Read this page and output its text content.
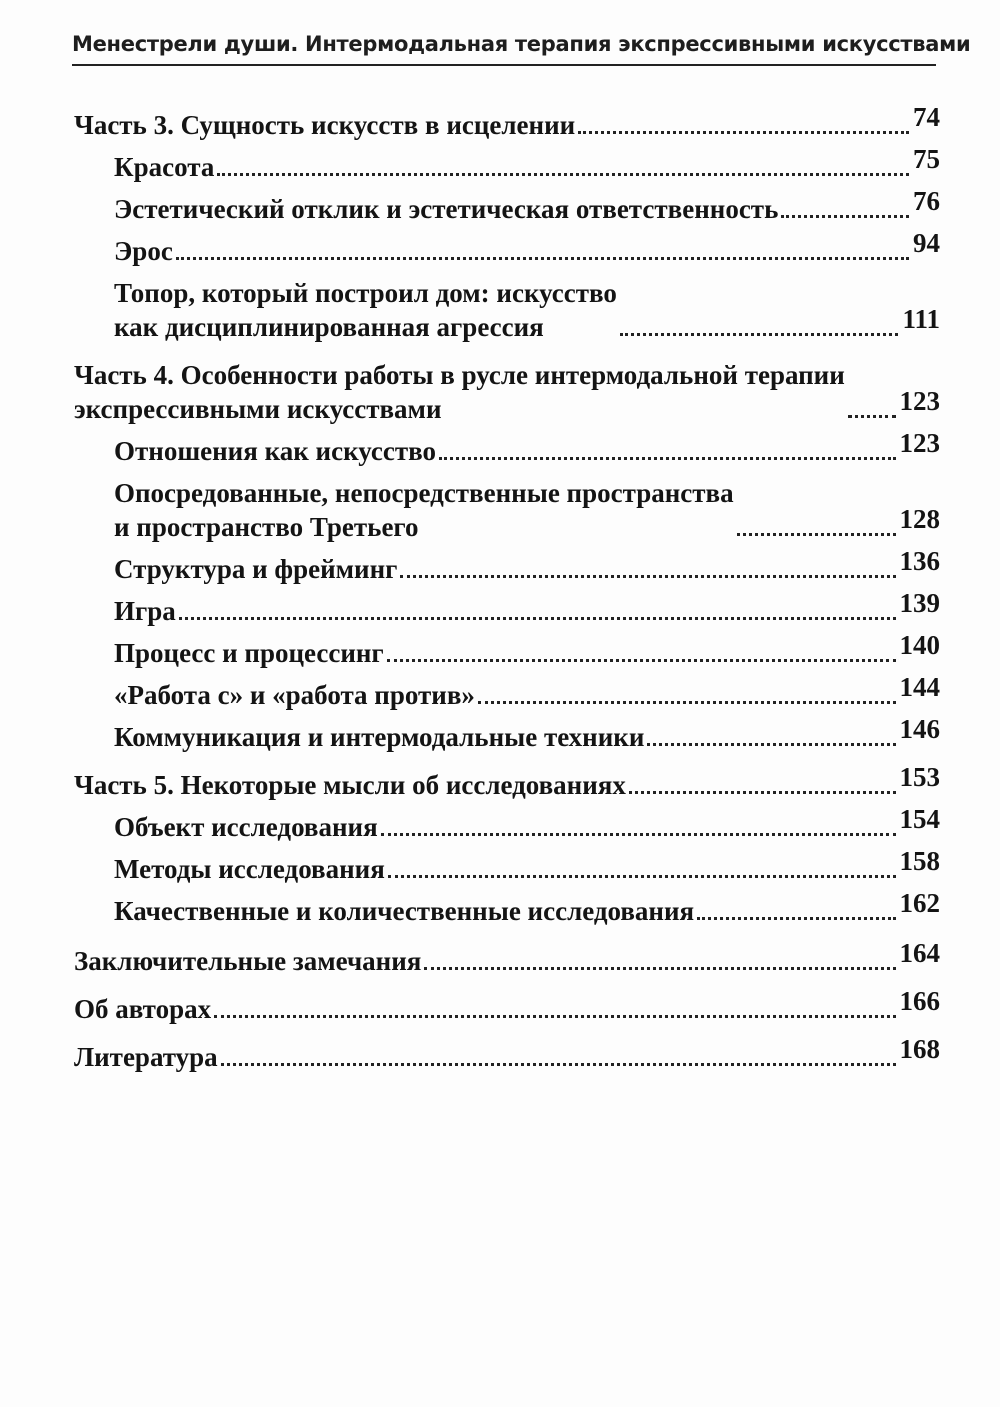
Менестрели души. Интермодальная терапия экспрессивными искусствами
Часть 3. Сущность искусств в исцелении	74
Красота	75
Эстетический отклик и эстетическая ответственность	76
Эрос	94
Топор, который построил дом: искусство
как дисциплинированная агрессия	111
Часть 4. Особенности работы в русле интермодальной терапии
экспрессивными искусствами	123
Отношения как искусство	123
Опосредованные, непосредственные пространства
и пространство Третьего	128
Структура и фрейминг	136
Игра	139
Процесс и процессинг	140
«Работа с» и «работа против»	144
Коммуникация и интермодальные техники	146
Часть 5. Некоторые мысли об исследованиях	153
Объект исследования	154
Методы исследования	158
Качественные и количественные исследования	162
Заключительные замечания	164
Об авторах	166
Литература	168
